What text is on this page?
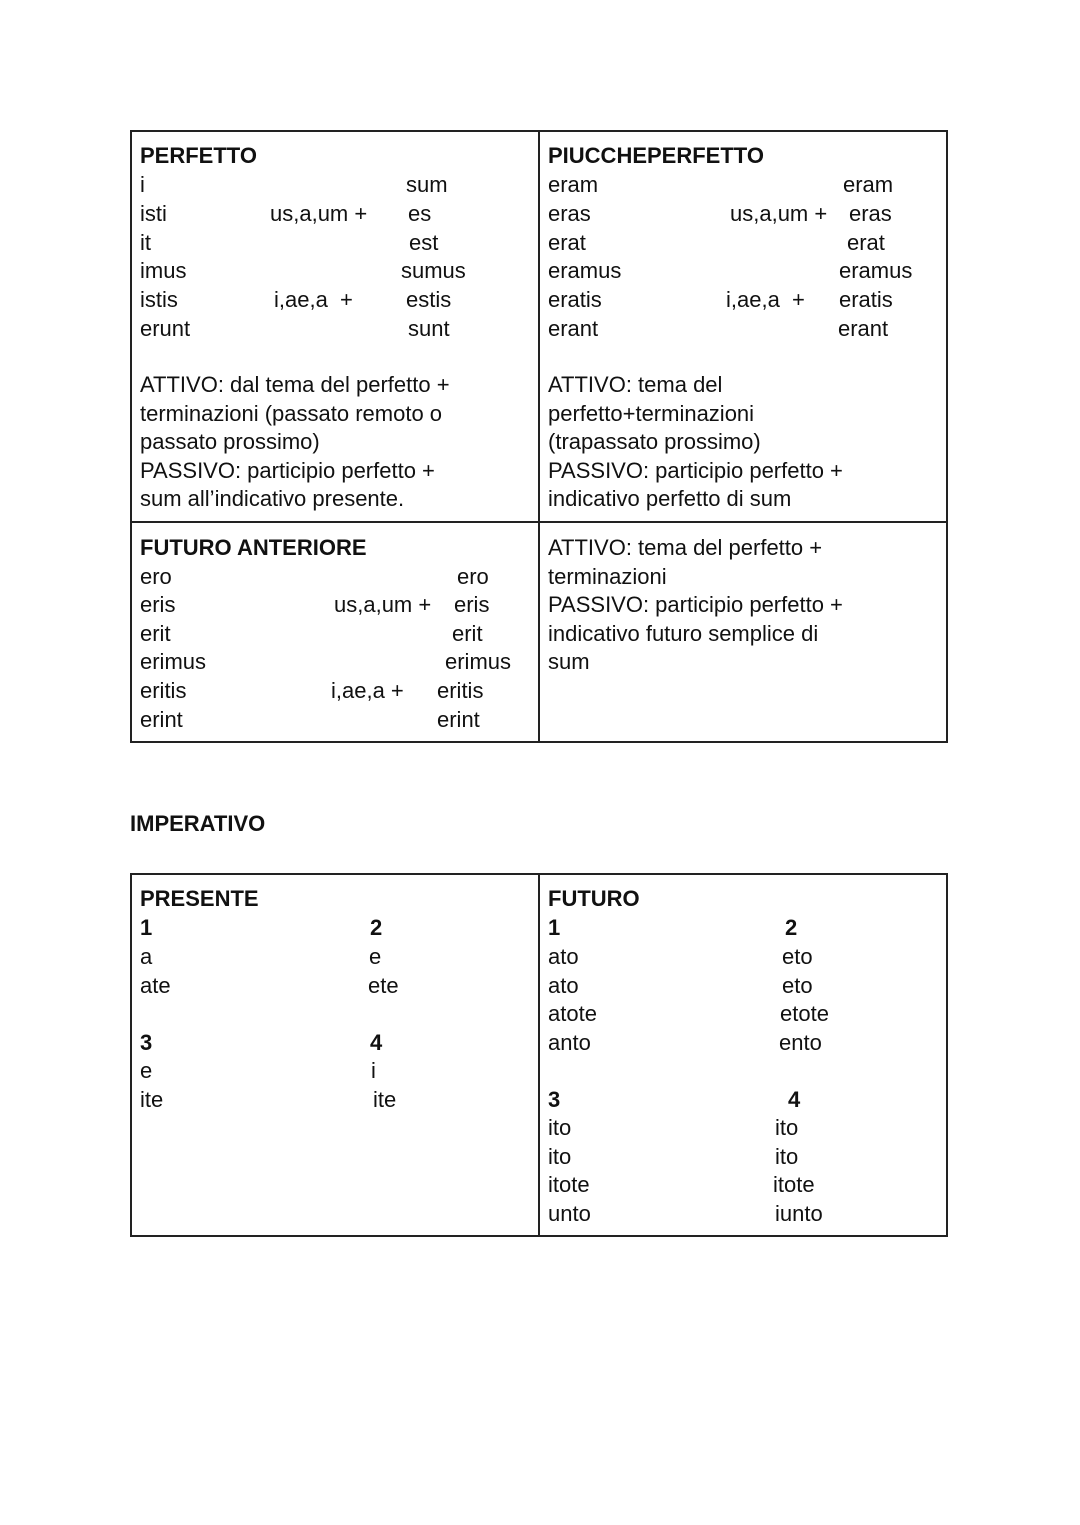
PERFETTO
i
isti
it
imus
istis
erunt
us,a,um +
i,ae,a  +
sum
es
est
sumus
estis
sunt
ATTIVO: dal tema del perfetto +
terminazioni (passato remoto o
passato prossimo)
PASSIVO: participio perfetto +
sum all’indicativo presente.
PIUCCHEPERFETTO
eram
eras
erat
eramus
eratis
erant
us,a,um +
i,ae,a  +
eram
eras
erat
eramus
eratis
erant
ATTIVO: tema del
perfetto+terminazioni
(trapassato prossimo)
PASSIVO: participio perfetto +
indicativo perfetto di sum
FUTURO ANTERIORE
ero
eris
erit
erimus
eritis
erint
us,a,um +
i,ae,a +
ero
eris
erit
erimus
eritis
erint
ATTIVO: tema del perfetto +
terminazioni
PASSIVO: participio perfetto +
indicativo futuro semplice di
sum
IMPERATIVO
PRESENTE
1
a
ate
2
e
ete
3
e
ite
4
i
ite
FUTURO
1
ato
ato
atote
anto
2
eto
eto
etote
ento
3
ito
ito
itote
unto
4
ito
ito
itote
iunto
